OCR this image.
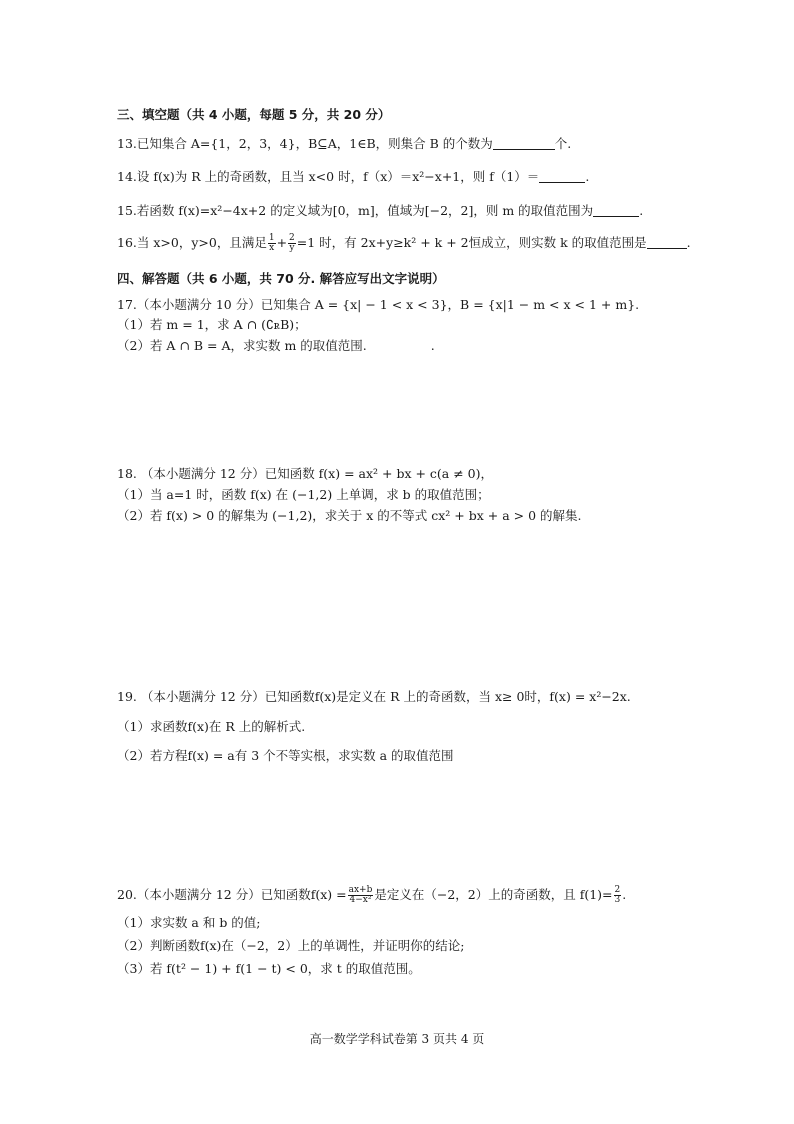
三、填空题（共 4 小题，每题 5 分，共 20 分）
13.已知集合 A={1，2，3，4}，B⊆A，1∈B，则集合 B 的个数为	个.
14.设 f(x)为 R 上的奇函数，且当 x<0 时，f（x）＝x²−x+1，则 f（1）＝	.
15.若函数 f(x)=x²−4x+2 的定义域为[0，m]，值域为[−2，2]，则 m 的取值范围为	.
16.当 x>0，y>0，且满足 $\frac{1}{x} + \frac{2}{y} =1$ 时，有 2x+y≥k² + k + 2恒成立，则实数 k 的取值范围是	.
四、解答题（共 6 小题，共 70 分. 解答应写出文字说明）
17.（本小题满分 10 分）已知集合 A = {x| − 1 < x < 3}，B = {x|1 − m < x < 1 + m}.
（1）若 m = 1，求 A ∩ (∁ꭱB)；
（2）若 A ∩ B = A，求实数 m 的取值范围.	.
18. （本小题满分 12 分）已知函数 f(x) = ax² + bx + c(a ≠ 0)，
（1）当 a=1 时，函数 f(x) 在 (−1,2) 上单调，求 b 的取值范围；
（2）若 f(x) > 0 的解集为 (−1,2)，求关于 x 的不等式 cx² + bx + a > 0 的解集.
19. （本小题满分 12 分）已知函数f(x)是定义在 R 上的奇函数，当 x≥ 0时，f(x) = x²−2x.
（1）求函数f(x)在 R 上的解析式.
（2）若方程f(x) = a有 3 个不等实根，求实数 a 的取值范围
20.（本小题满分 12 分）已知函数$f(x) = \frac{ax+b}{\text{4−x²}}$ 是定义在（−2，2）上的奇函数，且 $f(1)= \frac{2}{3}$ .
（1）求实数 a 和 b 的值;
（2）判断函数f(x)在（−2，2）上的单调性，并证明你的结论;
（3）若 f(t² − 1) + f(1 − t) < 0，求 t 的取值范围。
高一数学学科试卷第 3 页共 4 页
